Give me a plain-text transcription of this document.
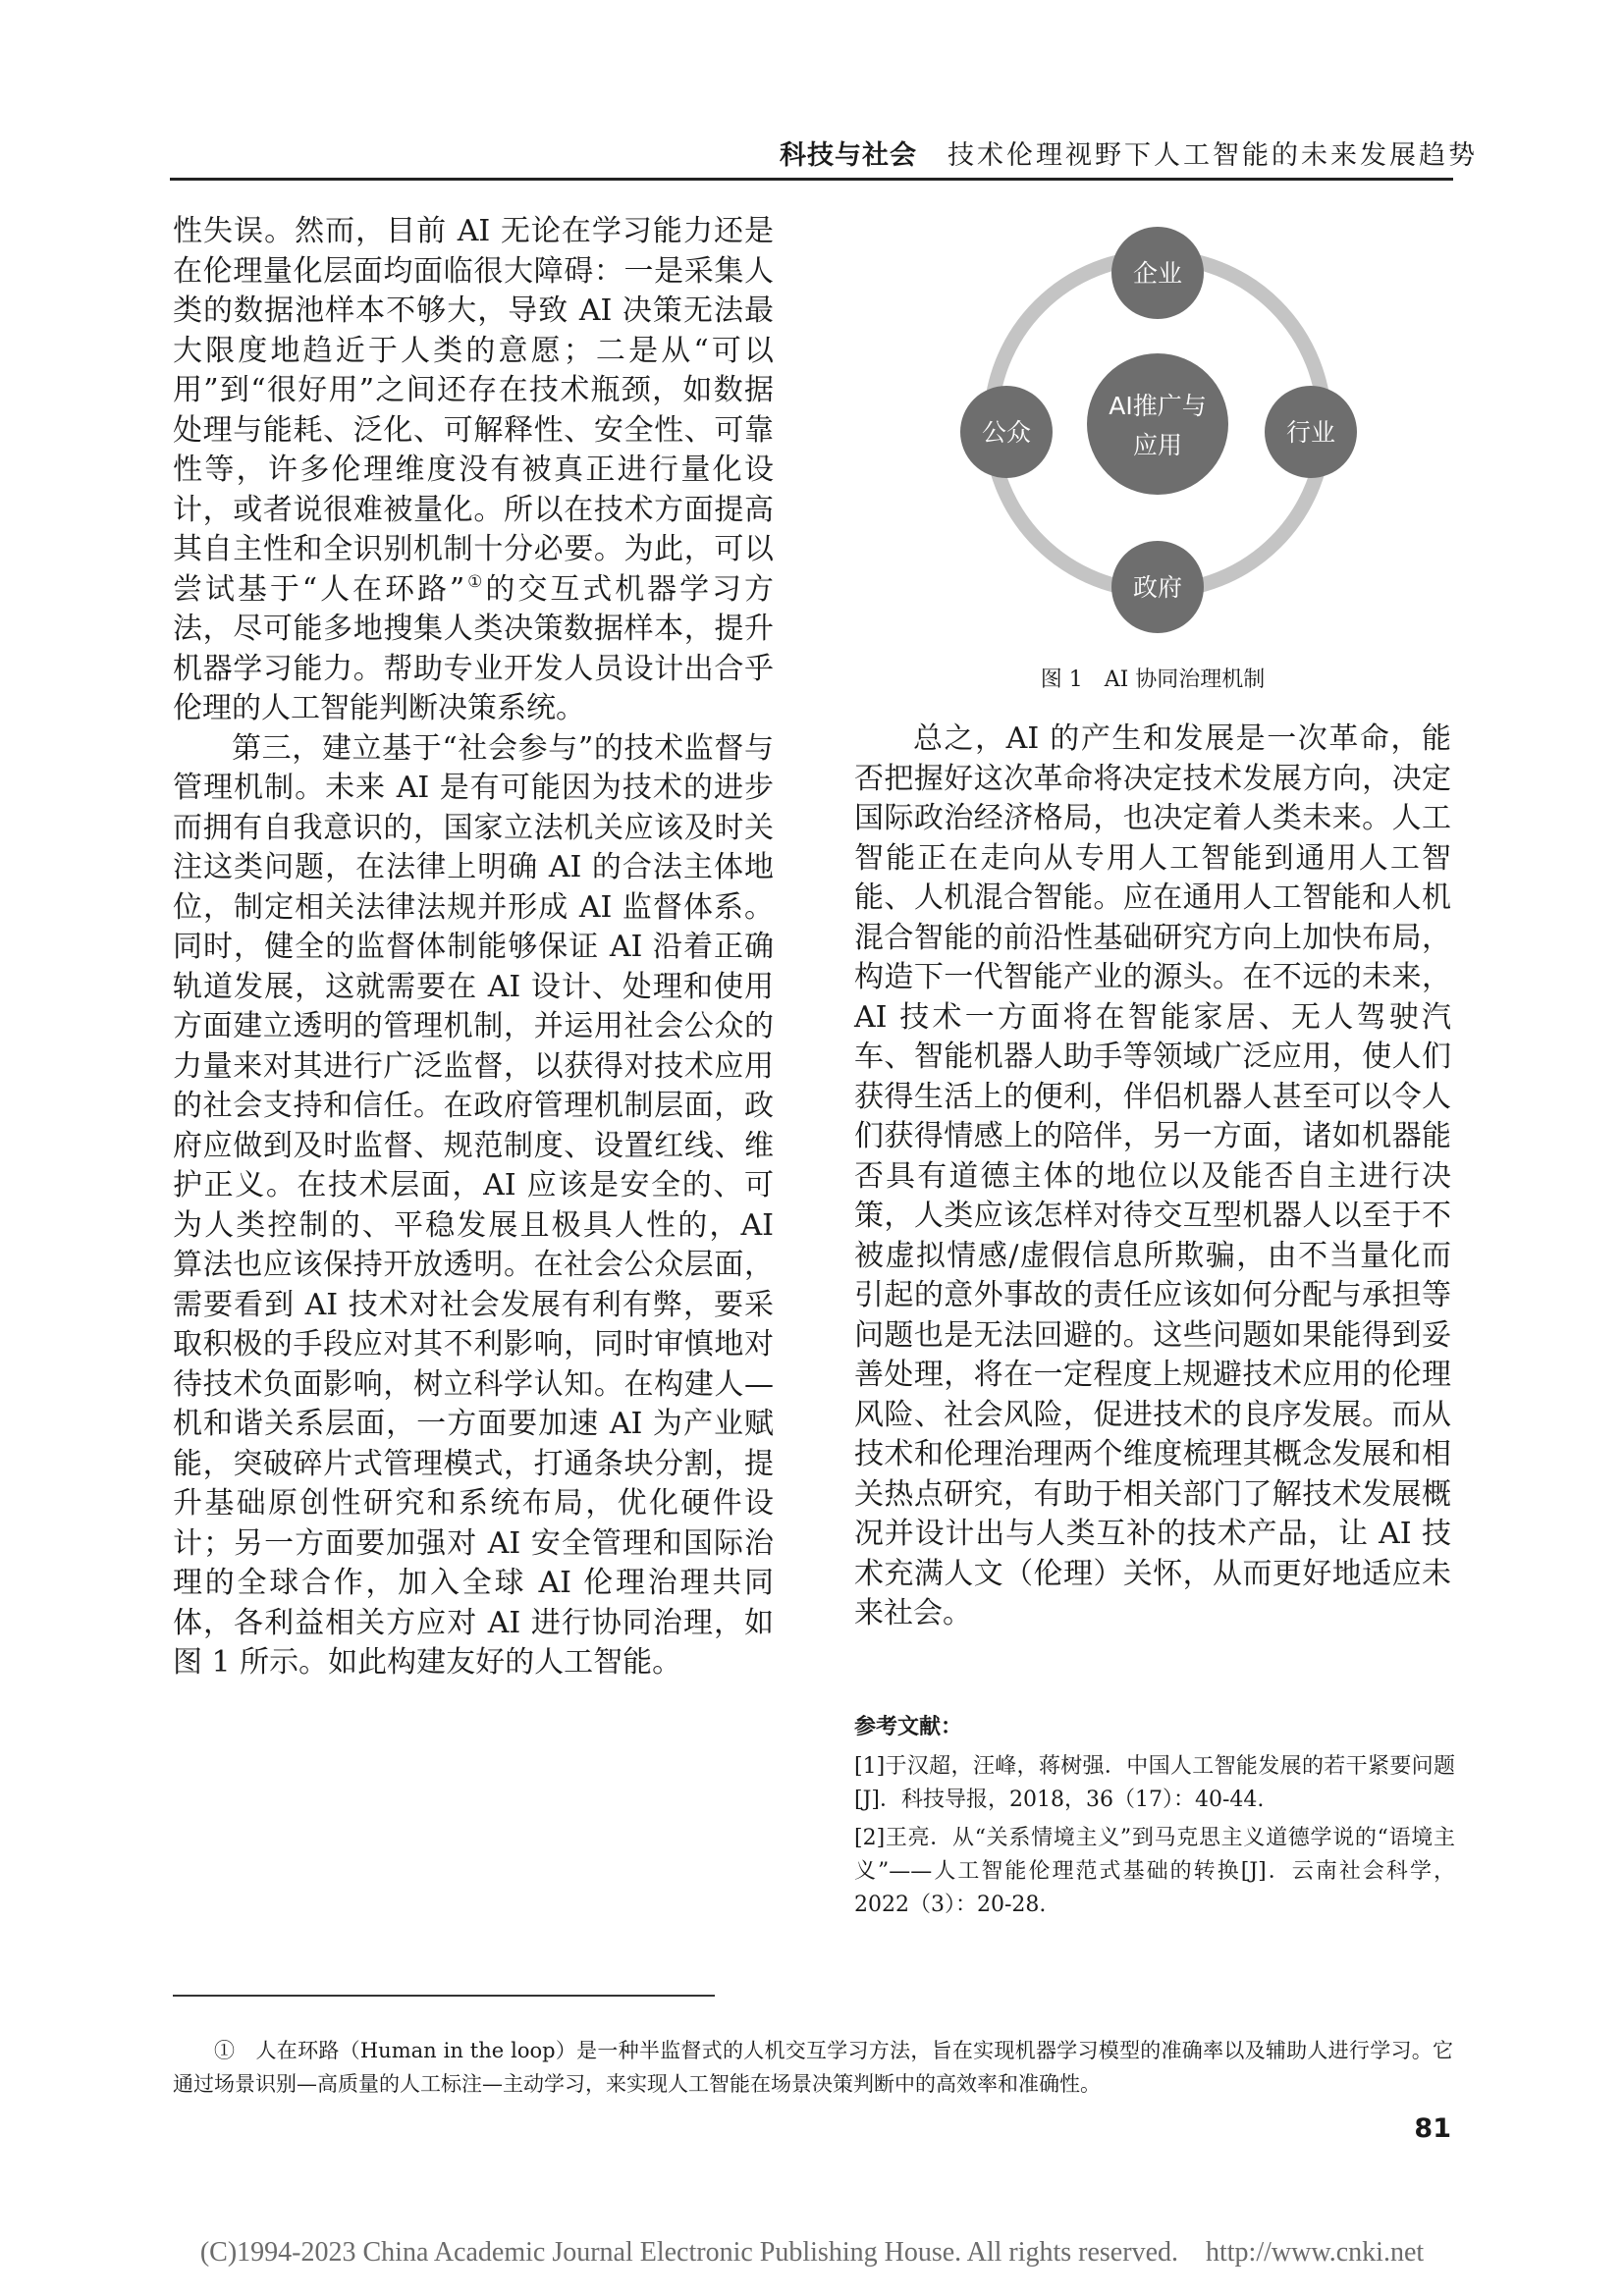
科技与社会 技术伦理视野下人工智能的未来发展趋势

性失误。然而，目前 AI 无论在学习能力还是在伦理量化层面均面临很大障碍：一是采集人类的数据池样本不够大，导致 AI 决策无法最大限度地趋近于人类的意愿；二是从“可以用”到“很好用”之间还存在技术瓶颈，如数据处理与能耗、泛化、可解释性、安全性、可靠性等，许多伦理维度没有被真正进行量化设计，或者说很难被量化。所以在技术方面提高其自主性和全识别机制十分必要。为此，可以尝试基于“人在环路”①的交互式机器学习方法，尽可能多地搜集人类决策数据样本，提升机器学习能力。帮助专业开发人员设计出合乎伦理的人工智能判断决策系统。

第三，建立基于“社会参与”的技术监督与管理机制。未来 AI 是有可能因为技术的进步而拥有自我意识的，国家立法机关应该及时关注这类问题，在法律上明确 AI 的合法主体地位，制定相关法律法规并形成 AI 监督体系。同时，健全的监督体制能够保证 AI 沿着正确轨道发展，这就需要在 AI 设计、处理和使用方面建立透明的管理机制，并运用社会公众的力量来对其进行广泛监督，以获得对技术应用的社会支持和信任。在政府管理机制层面，政府应做到及时监督、规范制度、设置红线、维护正义。在技术层面，AI 应该是安全的、可为人类控制的、平稳发展且极具人性的，AI 算法也应该保持开放透明。在社会公众层面，需要看到 AI 技术对社会发展有利有弊，要采取积极的手段应对其不利影响，同时审慎地对待技术负面影响，树立科学认知。在构建人—机和谐关系层面，一方面要加速 AI 为产业赋能，突破碎片式管理模式，打通条块分割，提升基础原创性研究和系统布局，优化硬件设计；另一方面要加强对 AI 安全管理和国际治理的全球合作，加入全球 AI 伦理治理共同体，各利益相关方应对 AI 进行协同治理，如图 1 所示。如此构建友好的人工智能。

AI推广与
应用
企业
行业
政府
公众
图 1　AI 协同治理机制

总之，AI 的产生和发展是一次革命，能否把握好这次革命将决定技术发展方向，决定国际政治经济格局，也决定着人类未来。人工智能正在走向从专用人工智能到通用人工智能、人机混合智能。应在通用人工智能和人机混合智能的前沿性基础研究方向上加快布局，构造下一代智能产业的源头。在不远的未来，AI 技术一方面将在智能家居、无人驾驶汽车、智能机器人助手等领域广泛应用，使人们获得生活上的便利，伴侣机器人甚至可以令人们获得情感上的陪伴，另一方面，诸如机器能否具有道德主体的地位以及能否自主进行决策，人类应该怎样对待交互型机器人以至于不被虚拟情感/虚假信息所欺骗，由不当量化而引起的意外事故的责任应该如何分配与承担等问题也是无法回避的。这些问题如果能得到妥善处理，将在一定程度上规避技术应用的伦理风险、社会风险，促进技术的良序发展。而从技术和伦理治理两个维度梳理其概念发展和相关热点研究，有助于相关部门了解技术发展概况并设计出与人类互补的技术产品，让 AI 技术充满人文（伦理）关怀，从而更好地适应未来社会。

参考文献：
[1]于汉超，汪峰，蒋树强．中国人工智能发展的若干紧要问题[J]．科技导报，2018，36（17）：40-44.
[2]王亮．从“关系情境主义”到马克思主义道德学说的“语境主义”——人工智能伦理范式基础的转换[J]．云南社会科学，2022（3）：20-28.
①　人在环路（Human in the loop）是一种半监督式的人机交互学习方法，旨在实现机器学习模型的准确率以及辅助人进行学习。它通过场景识别—高质量的人工标注—主动学习，来实现人工智能在场景决策判断中的高效率和准确性。
81
(C)1994-2023 China Academic Journal Electronic Publishing House. All rights reserved.    http://www.cnki.net
